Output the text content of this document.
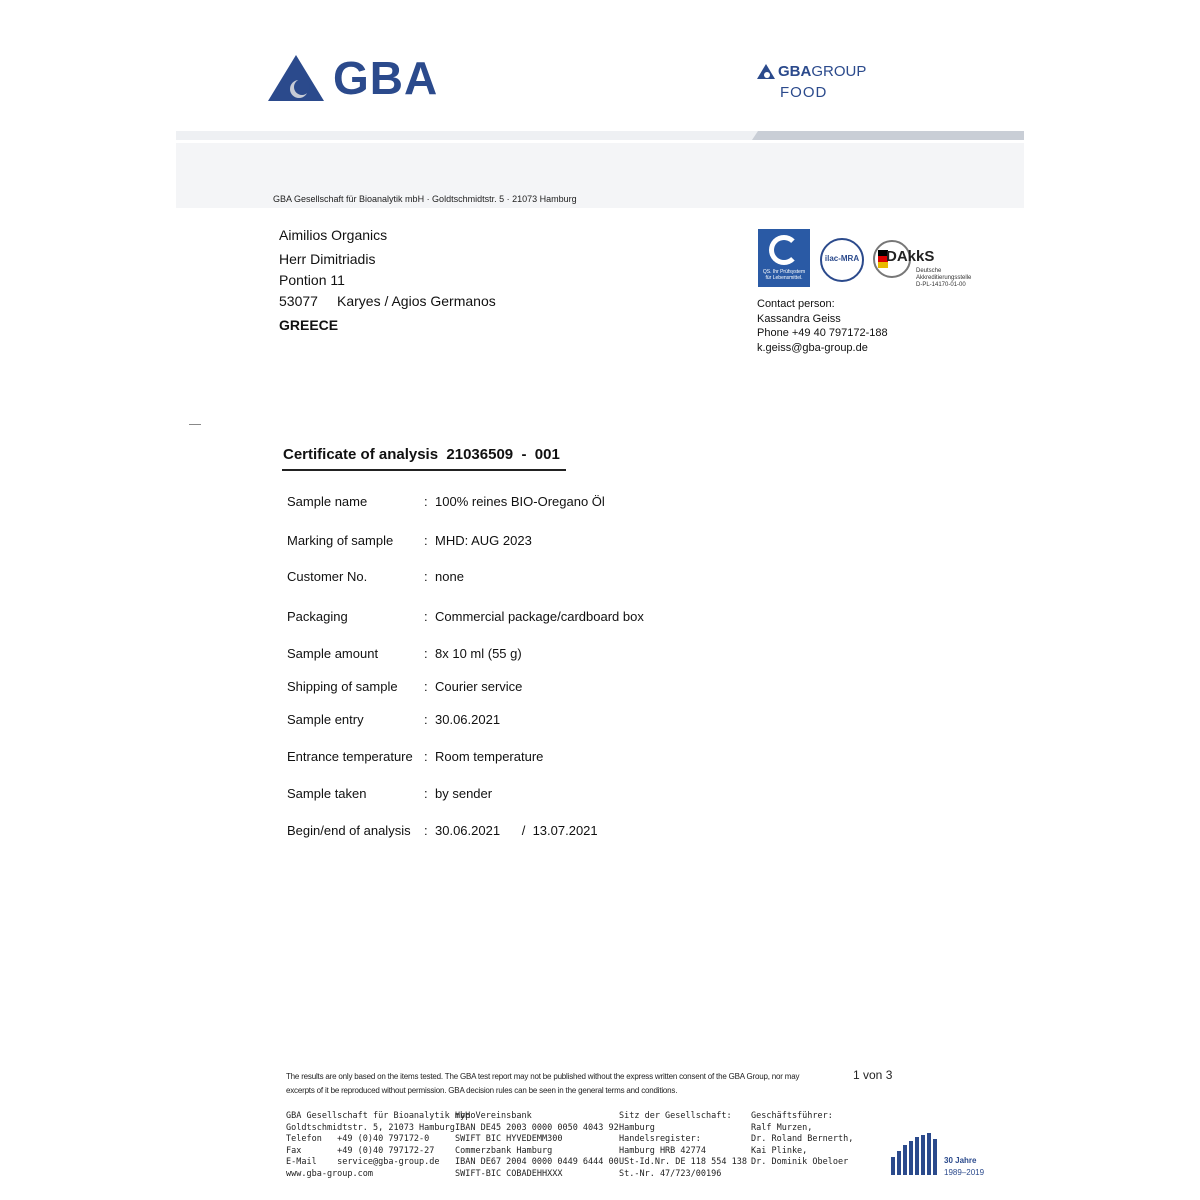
GBA	GBAGROUP
FOOD
GBA Gesellschaft für Bioanalytik mbH · Goldtschmidtstr. 5 · 21073 Hamburg
Aimilios Organics
Herr Dimitriadis
Pontion 11
53077 Karyes / Agios Germanos
GREECE
QS. Ihr Prüfsystem für Lebensmittel.
ilac-MRA DAkkS
Deutsche
Akkreditierungsstelle
D-PL-14170-01-00
Contact person:
Kassandra Geiss
Phone +49 40 797172-188
k.geiss@gba-group.de
Certificate of analysis  21036509  -  001
Sample name	: 100% reines BIO-Oregano Öl
Marking of sample : MHD: AUG 2023
Customer No.	: none
Packaging	: Commercial package/cardboard box
Sample amount	: 8x 10 ml (55 g)
Shipping of sample : Courier service
Sample entry	: 30.06.2021
Entrance temperature : Room temperature
Sample taken	: by sender
Begin/end of analysis : 30.06.2021      /  13.07.2021
The results are only based on the items tested. The GBA test report may not be published without the express written consent of the GBA Group, nor may
excerpts of it be reproduced without permission. GBA decision rules can be seen in the general terms and conditions.
1 von 3
GBA Gesellschaft für Bioanalytik mbH
Goldtschmidtstr. 5, 21073 Hamburg
Telefon   +49 (0)40 797172-0
Fax       +49 (0)40 797172-27
E-Mail    service@gba-group.de
www.gba-group.com
HypoVereinsbank
IBAN DE45 2003 0000 0050 4043 92
SWIFT BIC HYVEDEMM300
Commerzbank Hamburg
IBAN DE67 2004 0000 0449 6444 00
SWIFT-BIC COBADEHHXXX
Sitz der Gesellschaft:
Hamburg
Handelsregister:
Hamburg HRB 42774
USt-Id.Nr. DE 118 554 138
St.-Nr. 47/723/00196
Geschäftsführer:
Ralf Murzen,
Dr. Roland Bernerth,
Kai Plinke,
Dr. Dominik Obeloer	30 Jahre
1989–2019
